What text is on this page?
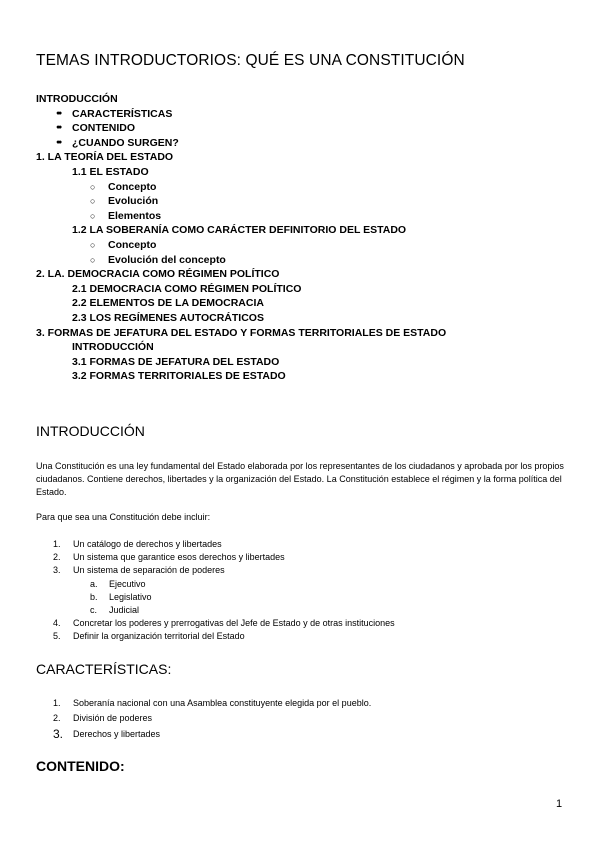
TEMAS INTRODUCTORIOS: QUÉ ES UNA CONSTITUCIÓN
INTRODUCCIÓN
● ● CARACTERÍSTICAS
● ● CONTENIDO
● ● ¿CUANDO SURGEN?
1. LA TEORÍA DEL ESTADO
1.1 EL ESTADO
○ Concepto
○ Evolución
○ Elementos
1.2 LA SOBERANÍA COMO CARÁCTER DEFINITORIO DEL ESTADO
○ Concepto
○ Evolución del concepto
2. LA. DEMOCRACIA COMO RÉGIMEN POLÍTICO
2.1 DEMOCRACIA COMO RÉGIMEN POLÍTICO
2.2 ELEMENTOS DE LA DEMOCRACIA
2.3 LOS REGÍMENES AUTOCRÁTICOS
3. FORMAS DE JEFATURA DEL ESTADO Y FORMAS TERRITORIALES DE ESTADO
INTRODUCCIÓN
3.1 FORMAS DE JEFATURA DEL ESTADO
3.2 FORMAS TERRITORIALES DE ESTADO
INTRODUCCIÓN

Una Constitución es una ley fundamental del Estado elaborada por los representantes de los ciudadanos y aprobada por los propios ciudadanos. Contiene derechos, libertades y la organización del Estado. La Constitución establece el régimen y la forma política del Estado.

Para que sea una Constitución debe incluir:

1. Un catálogo de derechos y libertades
2. Un sistema que garantice esos derechos y libertades
3. Un sistema de separación de poderes
a. Ejecutivo
b. Legislativo
c. Judicial
4. Concretar los poderes y prerrogativas del Jefe de Estado y de otras instituciones
5. Definir la organización territorial del Estado
CARACTERÍSTICAS:
1. Soberanía nacional con una Asamblea constituyente elegida por el pueblo.
2. División de poderes
3. Derechos y libertades
CONTENIDO:
1
